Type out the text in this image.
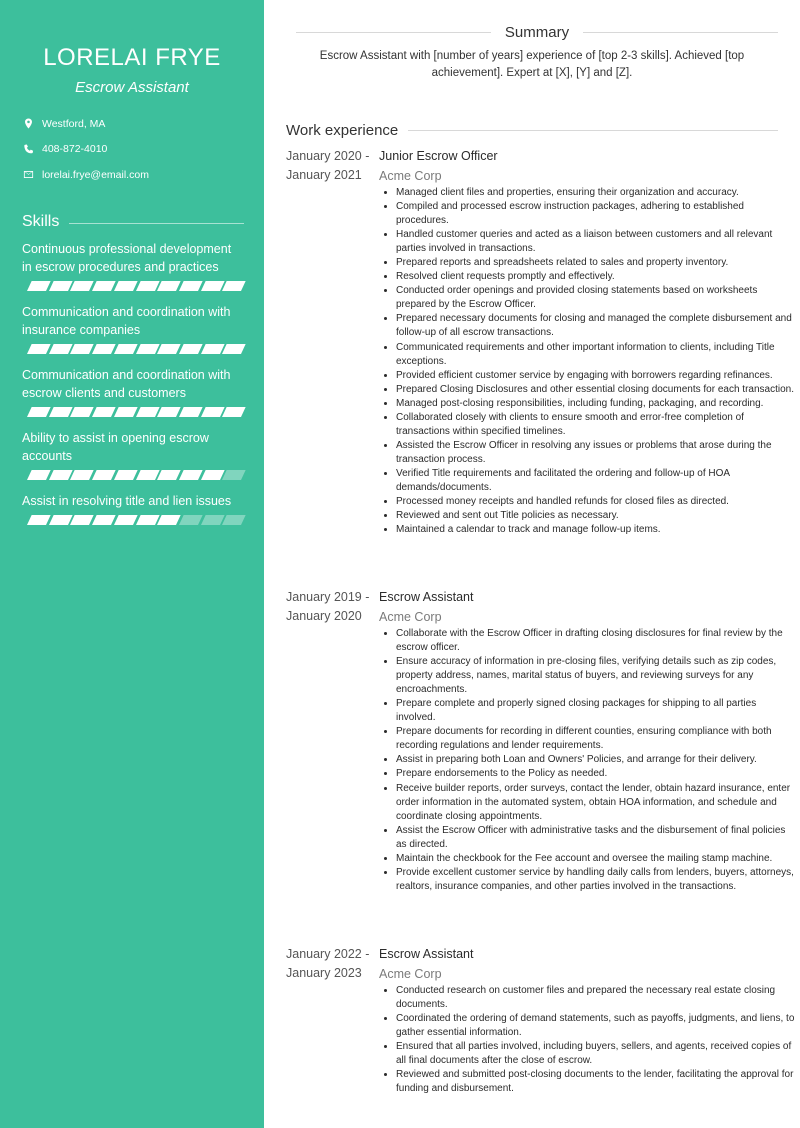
LORELAI FRYE
Escrow Assistant
Westford, MA
408-872-4010
lorelai.frye@email.com
Skills
Continuous professional development in escrow procedures and practices
Communication and coordination with insurance companies
Communication and coordination with escrow clients and customers
Ability to assist in opening escrow accounts
Assist in resolving title and lien issues
Summary
Escrow Assistant with [number of years] experience of [top 2-3 skills]. Achieved [top achievement]. Expert at [X], [Y] and [Z].
Work experience
January 2020 -
January 2021
Junior Escrow Officer
Acme Corp
• Managed client files and properties, ensuring their organization and accuracy.
• Compiled and processed escrow instruction packages, adhering to established procedures.
• Handled customer queries and acted as a liaison between customers and all relevant parties involved in transactions.
• Prepared reports and spreadsheets related to sales and property inventory.
• Resolved client requests promptly and effectively.
• Conducted order openings and provided closing statements based on worksheets prepared by the Escrow Officer.
• Prepared necessary documents for closing and managed the complete disbursement and follow-up of all escrow transactions.
• Communicated requirements and other important information to clients, including Title exceptions.
• Provided efficient customer service by engaging with borrowers regarding refinances.
• Prepared Closing Disclosures and other essential closing documents for each transaction.
• Managed post-closing responsibilities, including funding, packaging, and recording.
• Collaborated closely with clients to ensure smooth and error-free completion of transactions within specified timelines.
• Assisted the Escrow Officer in resolving any issues or problems that arose during the transaction process.
• Verified Title requirements and facilitated the ordering and follow-up of HOA demands/documents.
• Processed money receipts and handled refunds for closed files as directed.
• Reviewed and sent out Title policies as necessary.
• Maintained a calendar to track and manage follow-up items.
January 2019 -
January 2020
Escrow Assistant
Acme Corp
• Collaborate with the Escrow Officer in drafting closing disclosures for final review by the escrow officer.
• Ensure accuracy of information in pre-closing files, verifying details such as zip codes, property address, names, marital status of buyers, and reviewing surveys for any encroachments.
• Prepare complete and properly signed closing packages for shipping to all parties involved.
• Prepare documents for recording in different counties, ensuring compliance with both recording regulations and lender requirements.
• Assist in preparing both Loan and Owners' Policies, and arrange for their delivery.
• Prepare endorsements to the Policy as needed.
• Receive builder reports, order surveys, contact the lender, obtain hazard insurance, enter order information in the automated system, obtain HOA information, and schedule and coordinate closing appointments.
• Assist the Escrow Officer with administrative tasks and the disbursement of final policies as directed.
• Maintain the checkbook for the Fee account and oversee the mailing stamp machine.
• Provide excellent customer service by handling daily calls from lenders, buyers, attorneys, realtors, insurance companies, and other parties involved in the transactions.
January 2022 -
January 2023
Escrow Assistant
Acme Corp
• Conducted research on customer files and prepared the necessary real estate closing documents.
• Coordinated the ordering of demand statements, such as payoffs, judgments, and liens, to gather essential information.
• Ensured that all parties involved, including buyers, sellers, and agents, received copies of all final documents after the close of escrow.
• Reviewed and submitted post-closing documents to the lender, facilitating the approval for funding and disbursement.
